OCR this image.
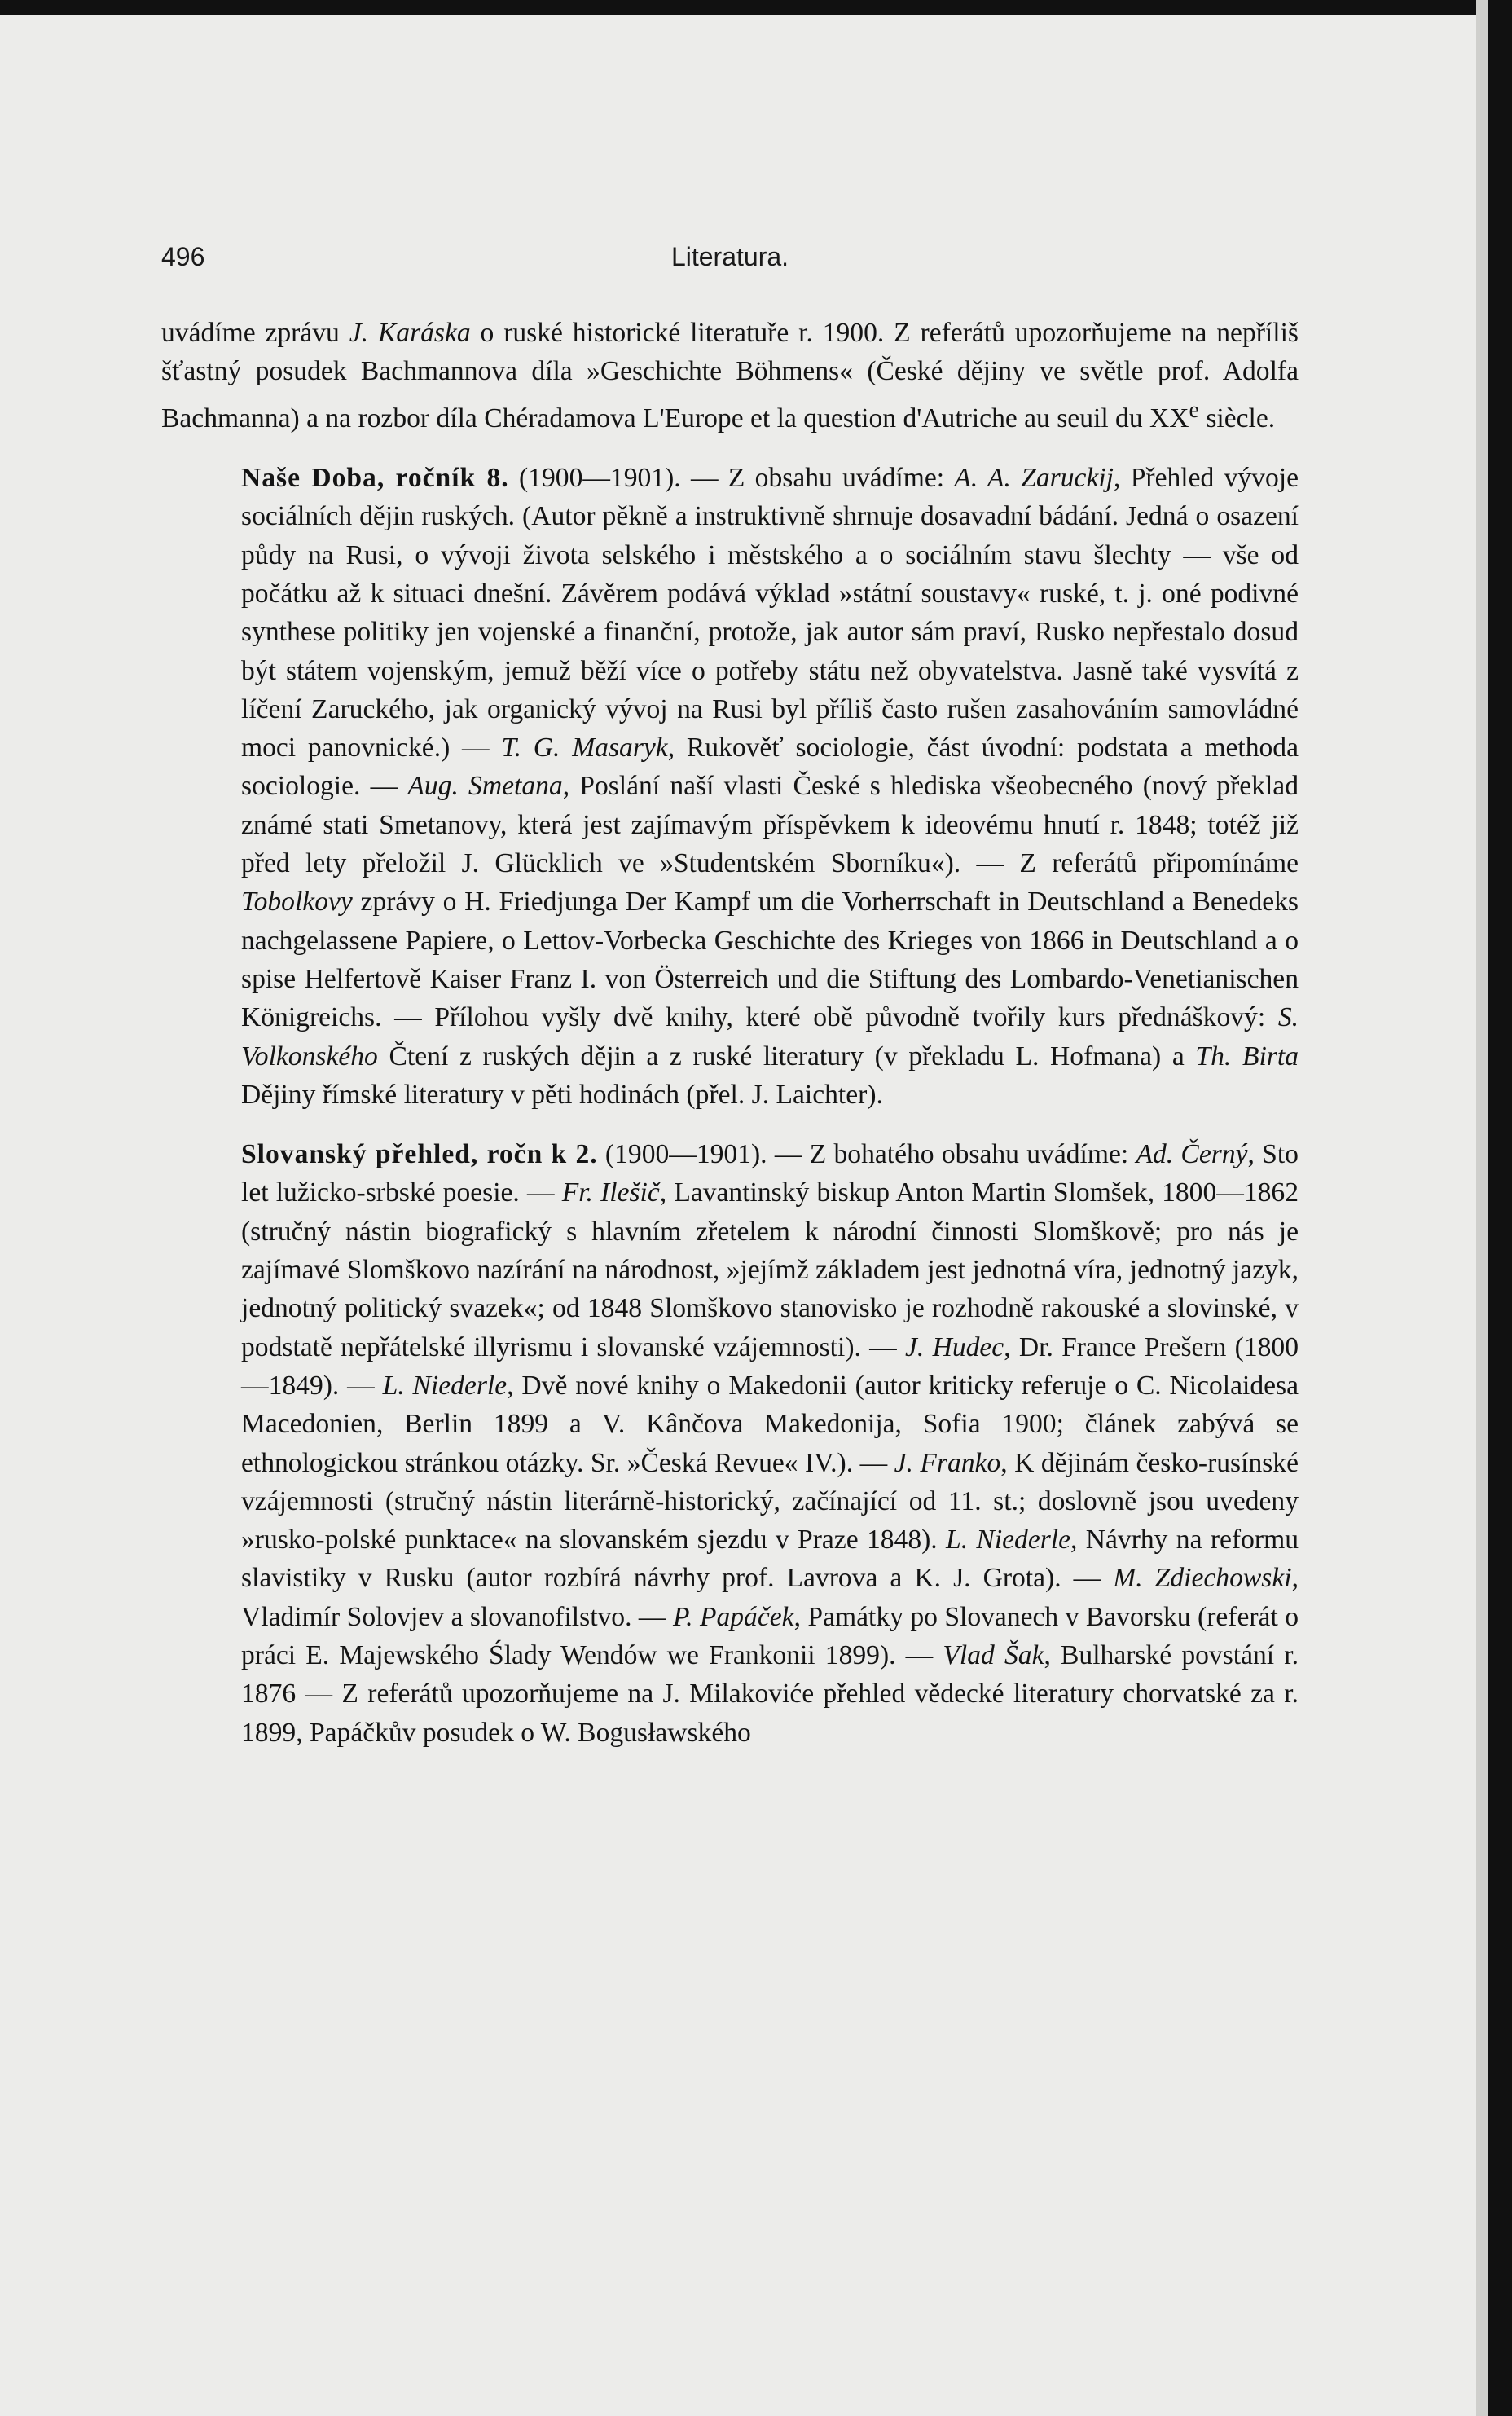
496	Literatura.

uvádíme zprávu J. Karáska o ruské historické literatuře r. 1900. Z referátů upozorňujeme na nepříliš šťastný posudek Bachmannova díla »Geschichte Böhmens« (České dějiny ve světle prof. Adolfa Bachmanna) a na rozbor díla Chéradamova L'Europe et la question d'Autriche au seuil du XXe siècle.

Naše Doba, ročník 8. (1900—1901). — Z obsahu uvádíme: A. A. Zaruckij, Přehled vývoje sociálních dějin ruských. (Autor pěkně a instruktivně shrnuje dosavadní bádání. Jedná o osazení půdy na Rusi, o vývoji života selského i městského a o sociálním stavu šlechty — vše od počátku až k situaci dnešní. Závěrem podává výklad »státní soustavy« ruské, t. j. oné podivné synthese politiky jen vojenské a finanční, protože, jak autor sám praví, Rusko nepřestalo dosud být státem vojenským, jemuž běží více o potřeby státu než obyvatelstva. Jasně také vysvítá z líčení Zaruckého, jak organický vývoj na Rusi byl příliš často rušen zasahováním samovládné moci panovnické.) — T. G. Masaryk, Rukověť sociologie, část úvodní: podstata a methoda sociologie. — Aug. Smetana, Poslání naší vlasti České s hlediska všeobecného (nový překlad známé stati Smetanovy, která jest zajímavým příspěvkem k ideovému hnutí r. 1848; totéž již před lety přeložil J. Glücklich ve »Studentském Sborníku«). — Z referátů připomínáme Tobolkovy zprávy o H. Friedjunga Der Kampf um die Vorherrschaft in Deutschland a Benedeks nachgelassene Papiere, o Lettov-Vorbecka Geschichte des Krieges von 1866 in Deutschland a o spise Helfertově Kaiser Franz I. von Österreich und die Stiftung des Lombardo-Venetianischen Königreichs. — Přílohou vyšly dvě knihy, které obě původně tvořily kurs přednáškový: S. Volkonského Čtení z ruských dějin a z ruské literatury (v překladu L. Hofmana) a Th. Birta Dějiny římské literatury v pěti hodinách (přel. J. Laichter).

Slovanský přehled, ročn k 2. (1900—1901). — Z bohatého obsahu uvádíme: Ad. Černý, Sto let lužicko-srbské poesie. — Fr. Ilešič, Lavantinský biskup Anton Martin Slomšek, 1800—1862 (stručný nástin biografický s hlavním zřetelem k národní činnosti Slomškově; pro nás je zajímavé Slomškovo nazírání na národnost, »jejímž základem jest jednotná víra, jednotný jazyk, jednotný politický svazek«; od 1848 Slomškovo stanovisko je rozhodně rakouské a slovinské, v podstatě nepřátelské illyrismu i slovanské vzájemnosti). — J. Hudec, Dr. France Prešern (1800—1849). — L. Niederle, Dvě nové knihy o Makedonii (autor kriticky referuje o C. Nicolaidesa Macedonien, Berlin 1899 a V. Kânčova Makedonija, Sofia 1900; článek zabývá se ethnologickou stránkou otázky. Sr. »Česká Revue« IV.). — J. Franko, K dějinám česko-rusínské vzájemnosti (stručný nástin literárně-historický, začínající od 11. st.; doslovně jsou uvedeny »rusko-polské punktace« na slovanském sjezdu v Praze 1848). L. Niederle, Návrhy na reformu slavistiky v Rusku (autor rozbírá návrhy prof. Lavrova a K. J. Grota). — M. Zdiechowski, Vladimír Solovjev a slovanofilstvo. — P. Papáček, Památky po Slovanech v Bavorsku (referát o práci E. Majewského Ślady Wendów we Frankonii 1899). — Vlad Šak, Bulharské povstání r. 1876 — Z referátů upozorňujeme na J. Milakoviće přehled vědecké literatury chorvatské za r. 1899, Papáčkův posudek o W. Bogusławského
